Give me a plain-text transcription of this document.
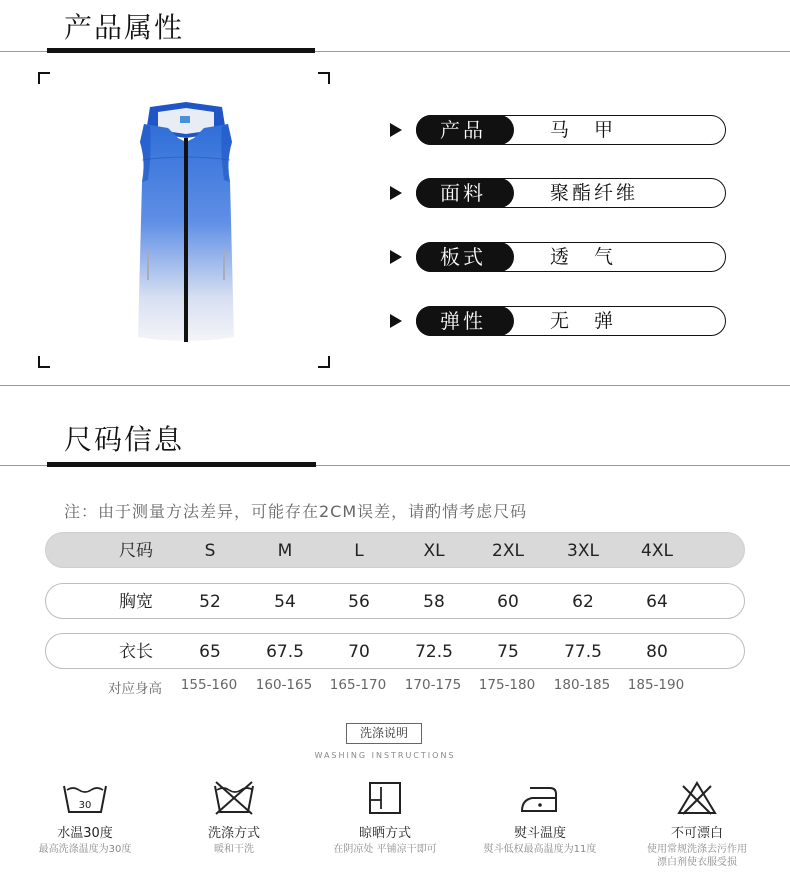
产品属性
产品	马　甲
面料	聚酯纤维
板式	透　气
弹性	无　弹
尺码信息
注：由于测量方法差异，可能存在2CM误差，请酌情考虑尺码
尺码	S	M	L	XL	2XL	3XL	4XL
胸宽	52	54	56	58	60	62	64
衣长	65	67.5	70	72.5	75	77.5	80
对应身高	155-160	160-165	165-170	170-175	175-180	180-185	185-190
洗涤说明
WASHING INSTRUCTIONS
30
水温30度
最高洗涤温度为30度
洗涤方式
暖和干洗
晾晒方式
在阴凉处 平铺凉干即可
熨斗温度
熨斗低权最高温度为11度
不可漂白
使用常规洗涤去污作用
漂白剂使衣服受损
